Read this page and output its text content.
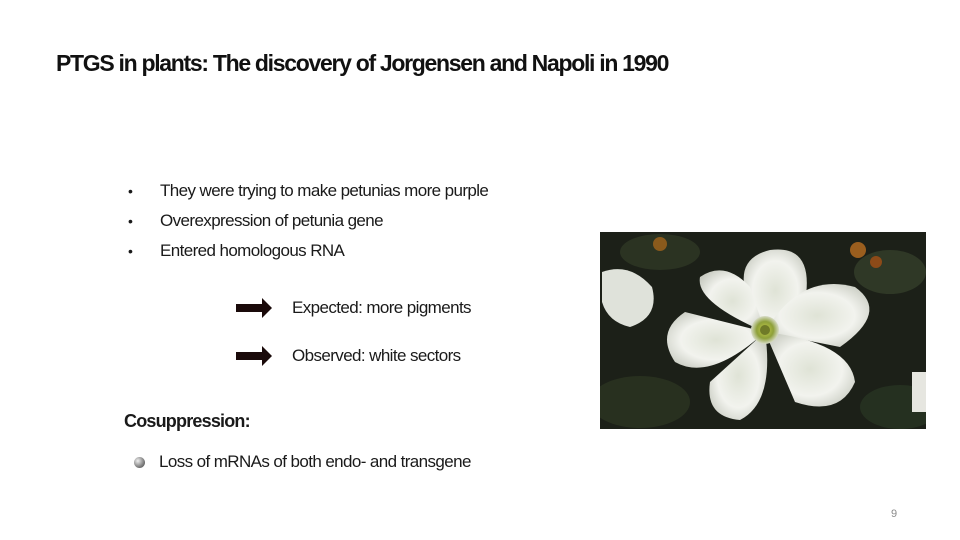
PTGS in plants: The discovery of Jorgensen and Napoli in 1990
•	They were trying to make petunias more purple
•	Overexpression of petunia gene
•	Entered homologous RNA
Expected: more pigments
Observed: white sectors
Cosuppression:
Loss of mRNAs of both endo- and transgene
9
